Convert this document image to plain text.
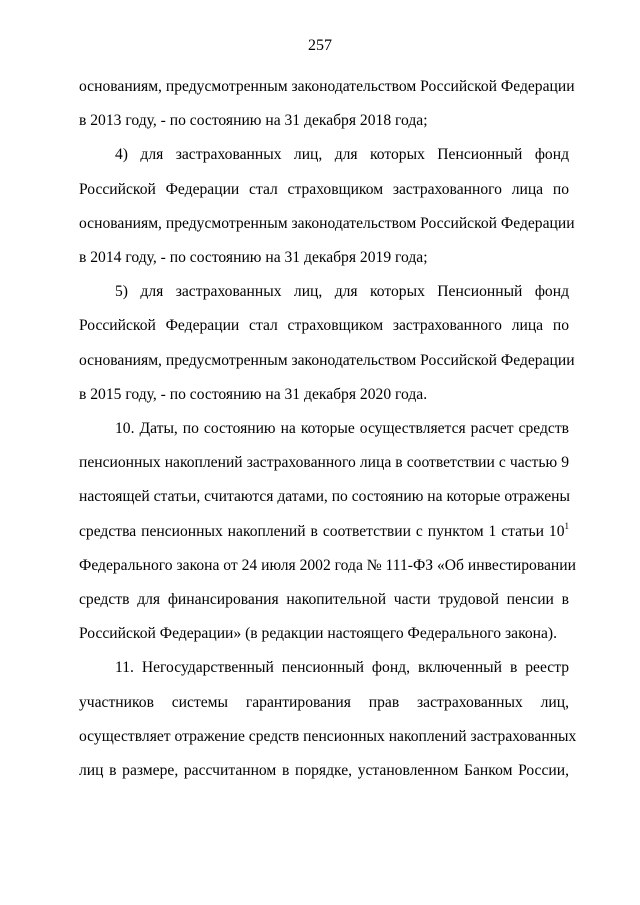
257
основаниям, предусмотренным законодательством Российской Федерации
в 2013 году, - по состоянию на 31 декабря 2018 года;
4) для застрахованных лиц, для которых Пенсионный фонд
Российской Федерации стал страховщиком застрахованного лица по
основаниям, предусмотренным законодательством Российской Федерации
в 2014 году, - по состоянию на 31 декабря 2019 года;
5) для застрахованных лиц, для которых Пенсионный фонд
Российской Федерации стал страховщиком застрахованного лица по
основаниям, предусмотренным законодательством Российской Федерации
в 2015 году, - по состоянию на 31 декабря 2020 года.
10. Даты, по состоянию на которые осуществляется расчет средств
пенсионных накоплений застрахованного лица в соответствии с частью 9
настоящей статьи, считаются датами, по состоянию на которые отражены
средства пенсионных накоплений в соответствии с пунктом 1 статьи $10^1$
Федерального закона от 24 июля 2002 года № 111-ФЗ «Об инвестировании
средств для финансирования накопительной части трудовой пенсии в
Российской Федерации» (в редакции настоящего Федерального закона).
11. Негосударственный пенсионный фонд, включенный в реестр
участников системы гарантирования прав застрахованных лиц,
осуществляет отражение средств пенсионных накоплений застрахованных
лиц в размере, рассчитанном в порядке, установленном Банком России,
